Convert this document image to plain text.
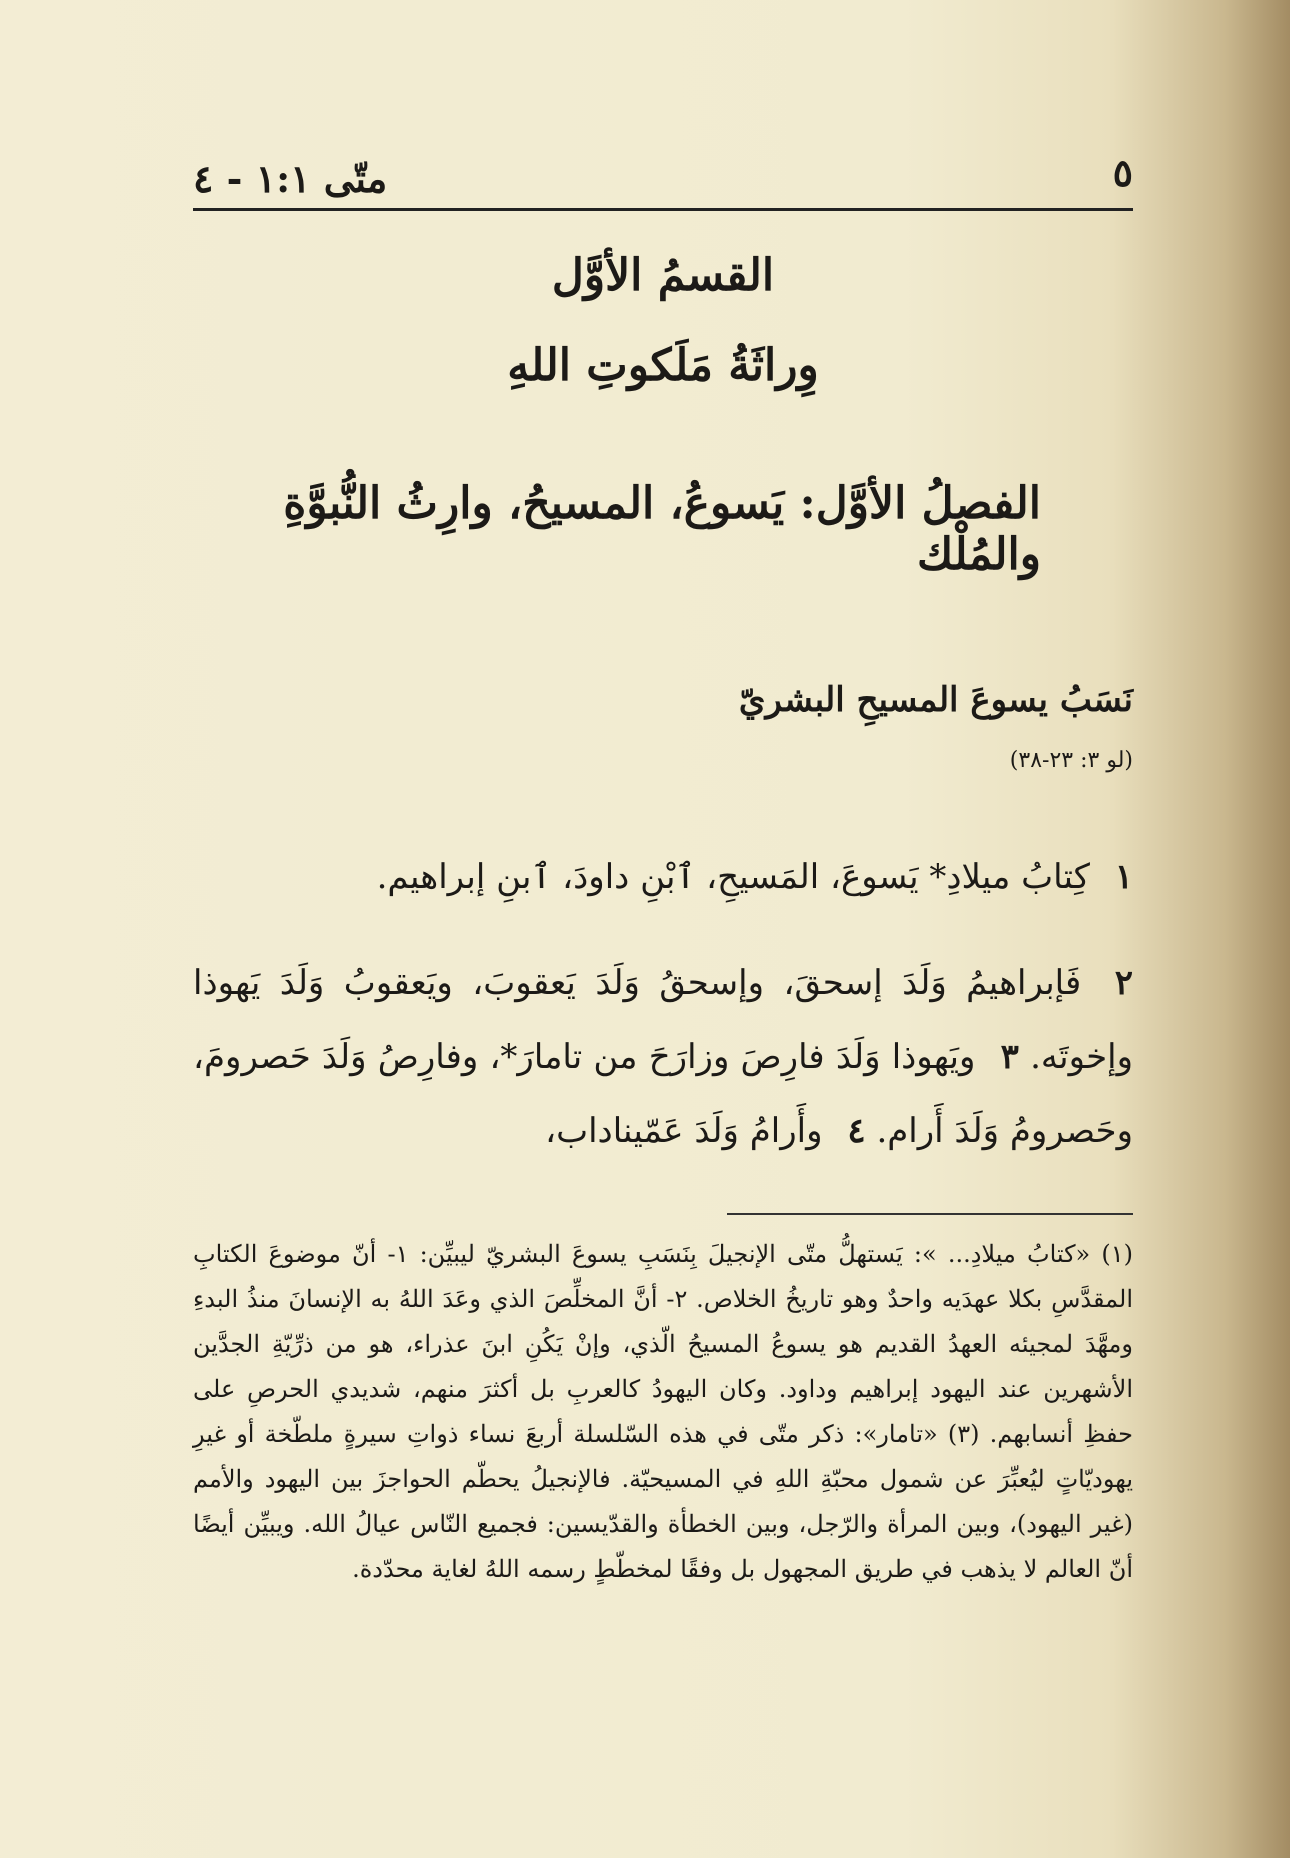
٥
متّى ١:١ - ٤
القسمُ الأوَّل
وِراثَةُ مَلَكوتِ اللهِ
الفصلُ الأوَّل: يَسوعُ، المسيحُ، وارِثُ النُّبوَّةِ والمُلْك
نَسَبُ يسوعَ المسيحِ البشريّ
(لو ٣: ٢٣-٣٨)

١ كِتابُ ميلادِ* يَسوعَ، المَسيحِ، ٱبْنِ داودَ، ٱبنِ إبراهيم.

٢ فَإبراهيمُ وَلَدَ إسحقَ، وإسحقُ وَلَدَ يَعقوبَ، ويَعقوبُ وَلَدَ يَهوذا وإخوتَه. ٣ ويَهوذا وَلَدَ فارِصَ وزارَحَ من تامارَ*، وفارِصُ وَلَدَ حَصرومَ، وحَصرومُ وَلَدَ أَرام. ٤ وأَرامُ وَلَدَ عَمّيناداب،

(١) «كتابُ ميلادِ... »: يَستهلُّ متّى الإنجيلَ بِنَسَبِ يسوعَ البشريّ ليبيِّن: ١- أنّ موضوعَ الكتابِ المقدَّسِ بكلا عهدَيه واحدٌ وهو تاريخُ الخلاص. ٢- أنَّ المخلِّصَ الذي وعَدَ اللهُ به الإنسانَ منذُ البدءِ ومهَّدَ لمجيئه العهدُ القديم هو يسوعُ المسيحُ الّذي، وإنْ يَكُنِ ابنَ عذراء، هو من ذرِّيّةِ الجدَّين الأشهرين عند اليهود إبراهيم وداود. وكان اليهودُ كالعربِ بل أكثرَ منهم، شديدي الحرصِ على حفظِ أنسابهم. (٣) «تامار»: ذكر متّى في هذه السّلسلة أربعَ نساء ذواتِ سيرةٍ ملطّخة أو غيرِ يهوديّاتٍ ليُعبِّرَ عن شمول محبّةِ اللهِ في المسيحيّة. فالإنجيلُ يحطّم الحواجزَ بين اليهود والأمم (غير اليهود)، وبين المرأة والرّجل، وبين الخطأة والقدّيسين: فجميع النّاس عيالُ الله. ويبيِّن أيضًا أنّ العالم لا يذهب في طريق المجهول بل وفقًا لمخطّطٍ رسمه اللهُ لغاية محدّدة.
